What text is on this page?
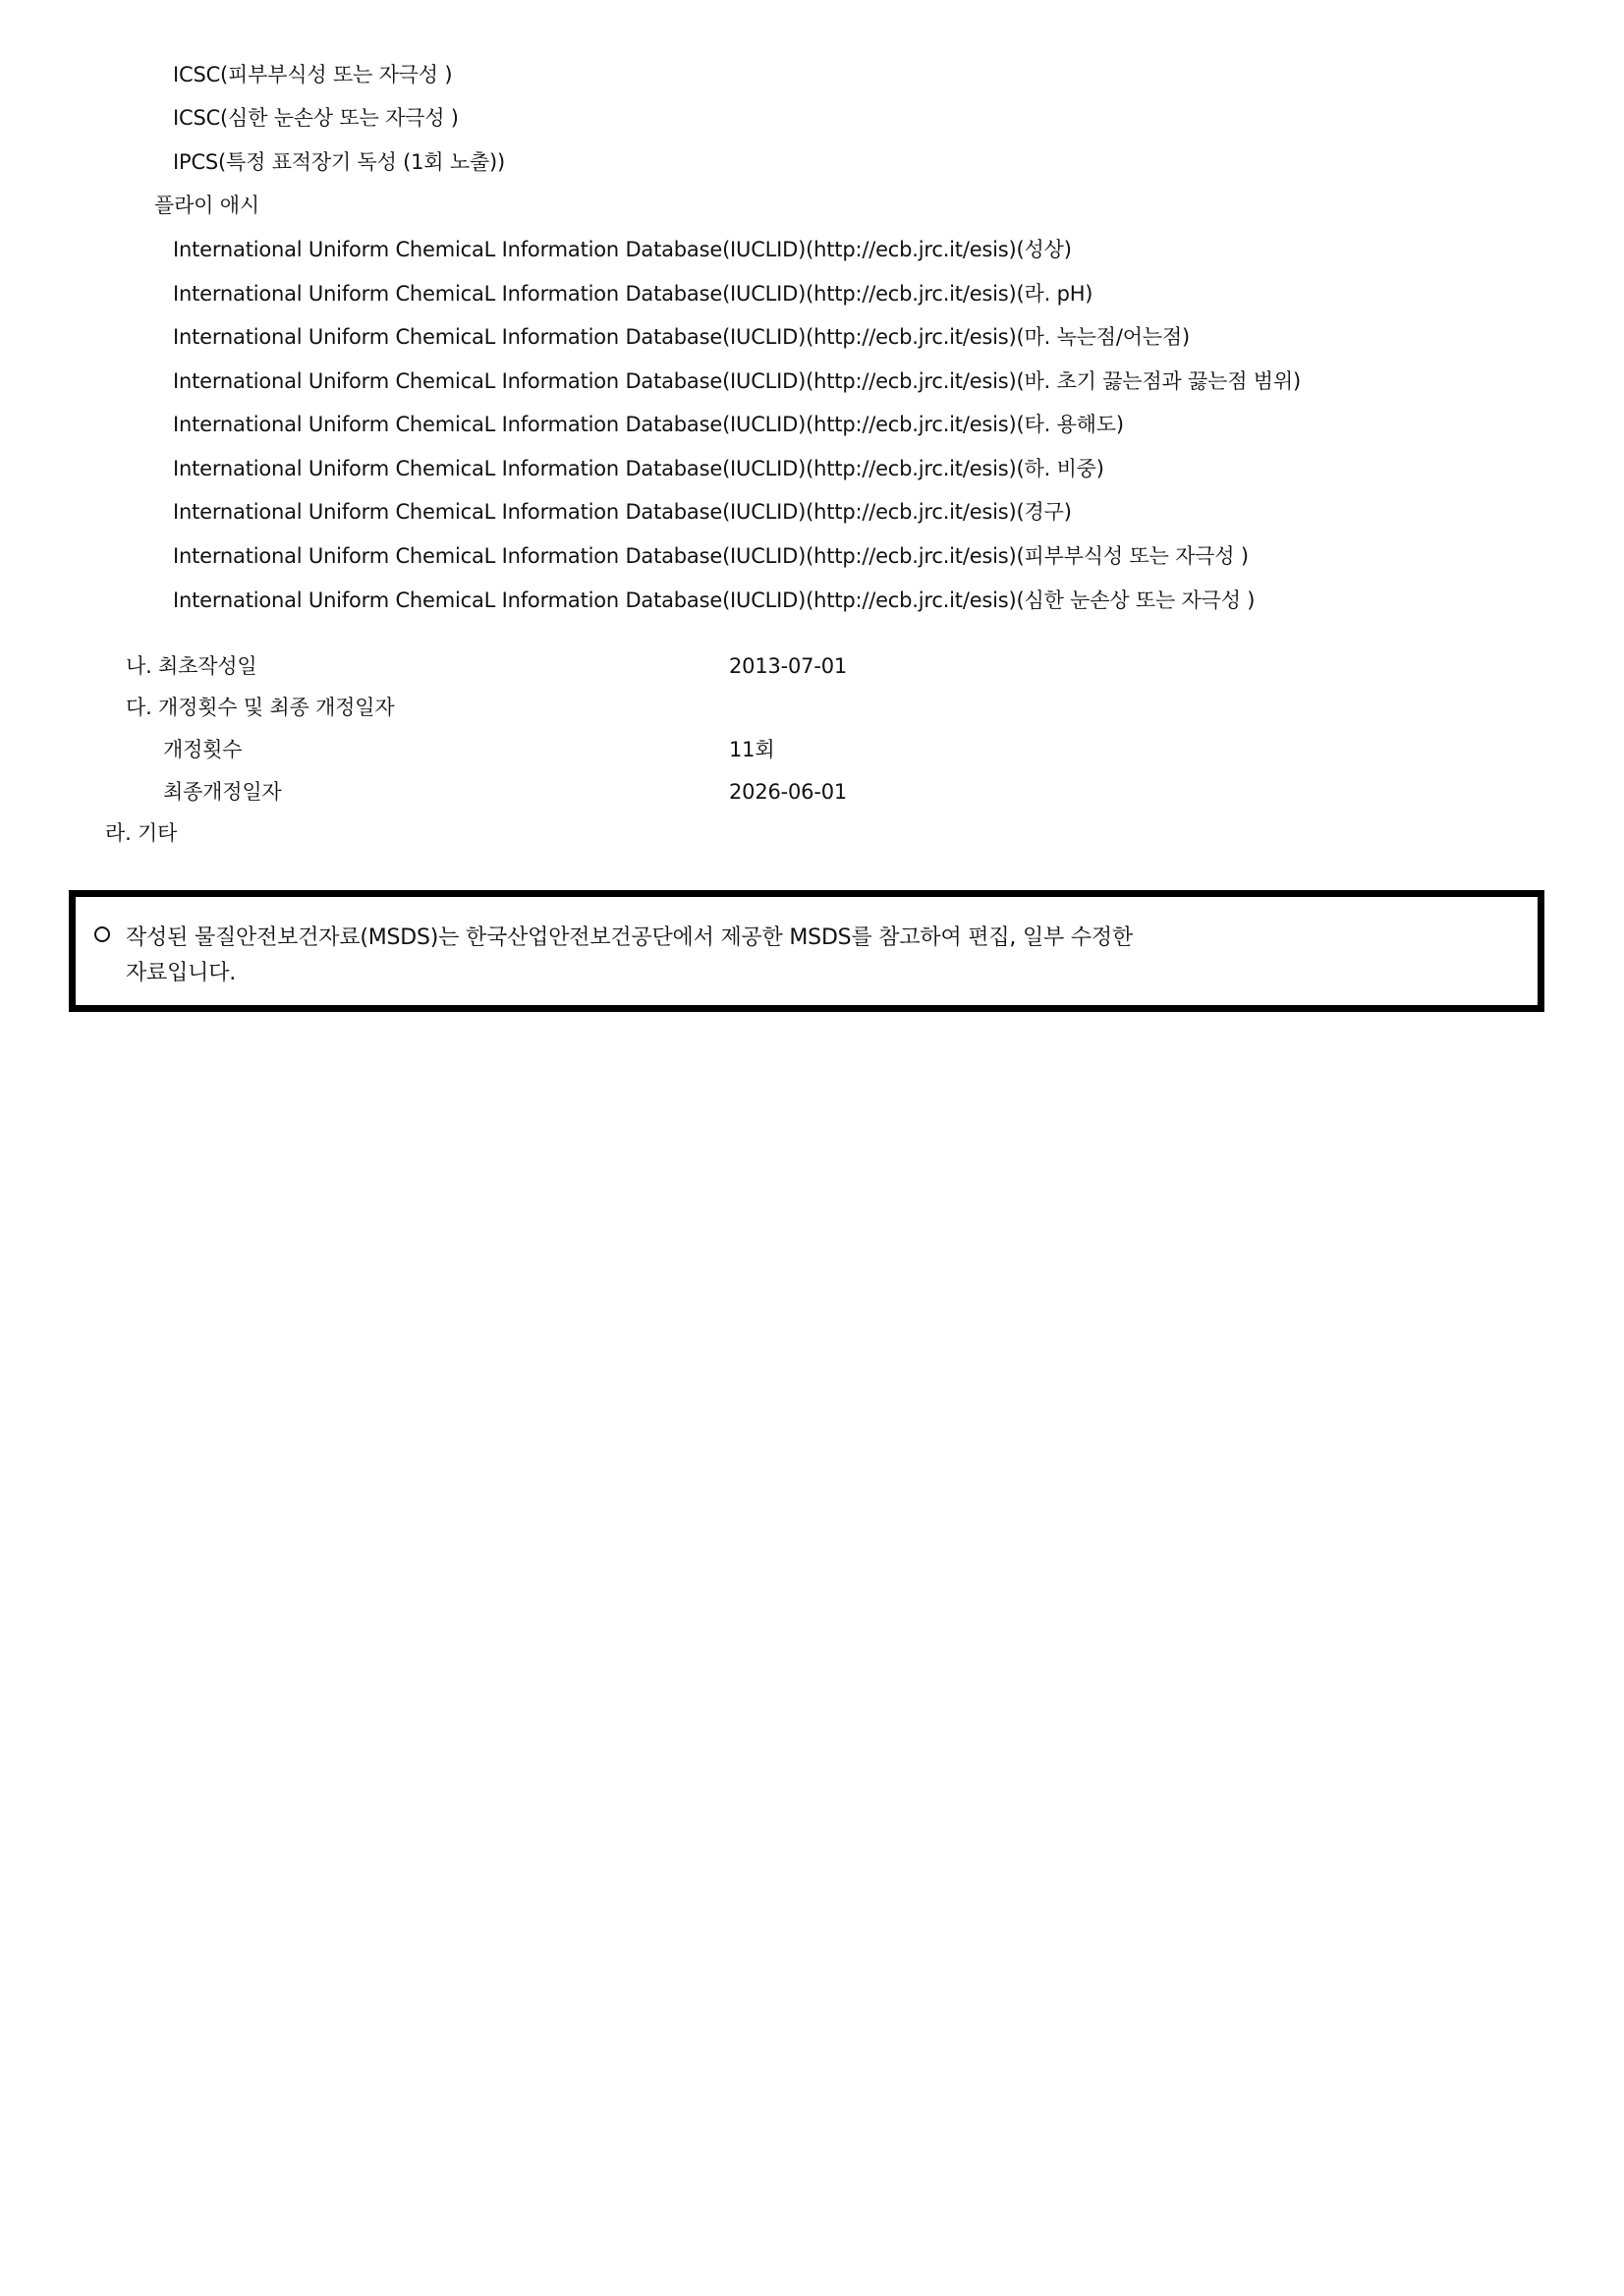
ICSC(피부부식성 또는 자극성 )
ICSC(심한 눈손상 또는 자극성 )
IPCS(특정 표적장기 독성 (1회 노출))
플라이 애시
International Uniform ChemicaL Information Database(IUCLID)(http://ecb.jrc.it/esis)(성상)
International Uniform ChemicaL Information Database(IUCLID)(http://ecb.jrc.it/esis)(라. pH)
International Uniform ChemicaL Information Database(IUCLID)(http://ecb.jrc.it/esis)(마. 녹는점/어는점)
International Uniform ChemicaL Information Database(IUCLID)(http://ecb.jrc.it/esis)(바. 초기 끓는점과 끓는점 범위)
International Uniform ChemicaL Information Database(IUCLID)(http://ecb.jrc.it/esis)(타. 용해도)
International Uniform ChemicaL Information Database(IUCLID)(http://ecb.jrc.it/esis)(하. 비중)
International Uniform ChemicaL Information Database(IUCLID)(http://ecb.jrc.it/esis)(경구)
International Uniform ChemicaL Information Database(IUCLID)(http://ecb.jrc.it/esis)(피부부식성 또는 자극성 )
International Uniform ChemicaL Information Database(IUCLID)(http://ecb.jrc.it/esis)(심한 눈손상 또는 자극성 )
나. 최초작성일	2013-07-01
다. 개정횟수 및 최종 개정일자
개정횟수	11회
최종개정일자	2026-06-01
라. 기타
작성된 물질안전보건자료(MSDS)는 한국산업안전보건공단에서 제공한 MSDS를 참고하여 편집, 일부 수정한
자료입니다.
